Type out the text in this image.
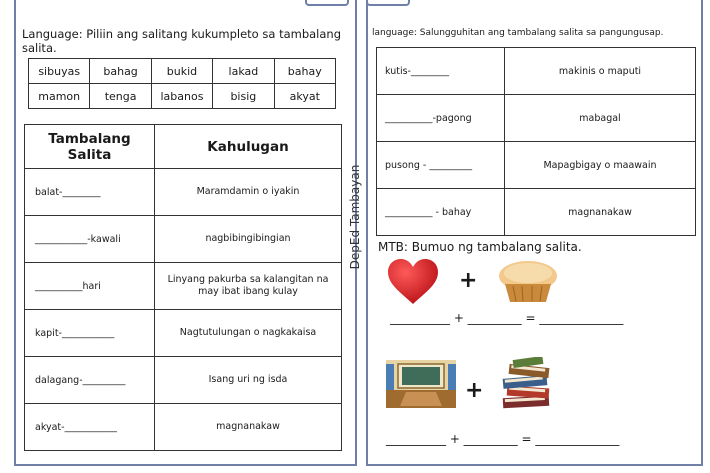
Language: Piliin ang salitang kukumpleto sa tambalang salita.
sibuyas	bahag	bukid	lakad	bahay
mamon	tenga	labanos	bisig	akyat
Tambalang Salita	Kahulugan
balat-________	Maramdamin o iyakin
___________-kawali	nagbibingibingian
__________hari	Linyang pakurba sa kalangitan na may ibat ibang kulay
kapit-___________	Nagtutulungan o nagkakaisa
dalagang-_________	Isang uri ng isda
akyat-___________	magnanakaw
DepEd Tambayan
language: Salungguhitan ang tambalang salita sa pangungusap.
kutis-________	makinis o maputi
__________-pagong	mabagal
pusong - _________	Mapagbigay o maawain
__________ - bahay	magnanakaw
MTB: Bumuo ng tambalang salita.
+
__________ + _________ = ______________
+
__________ + _________ = ______________
